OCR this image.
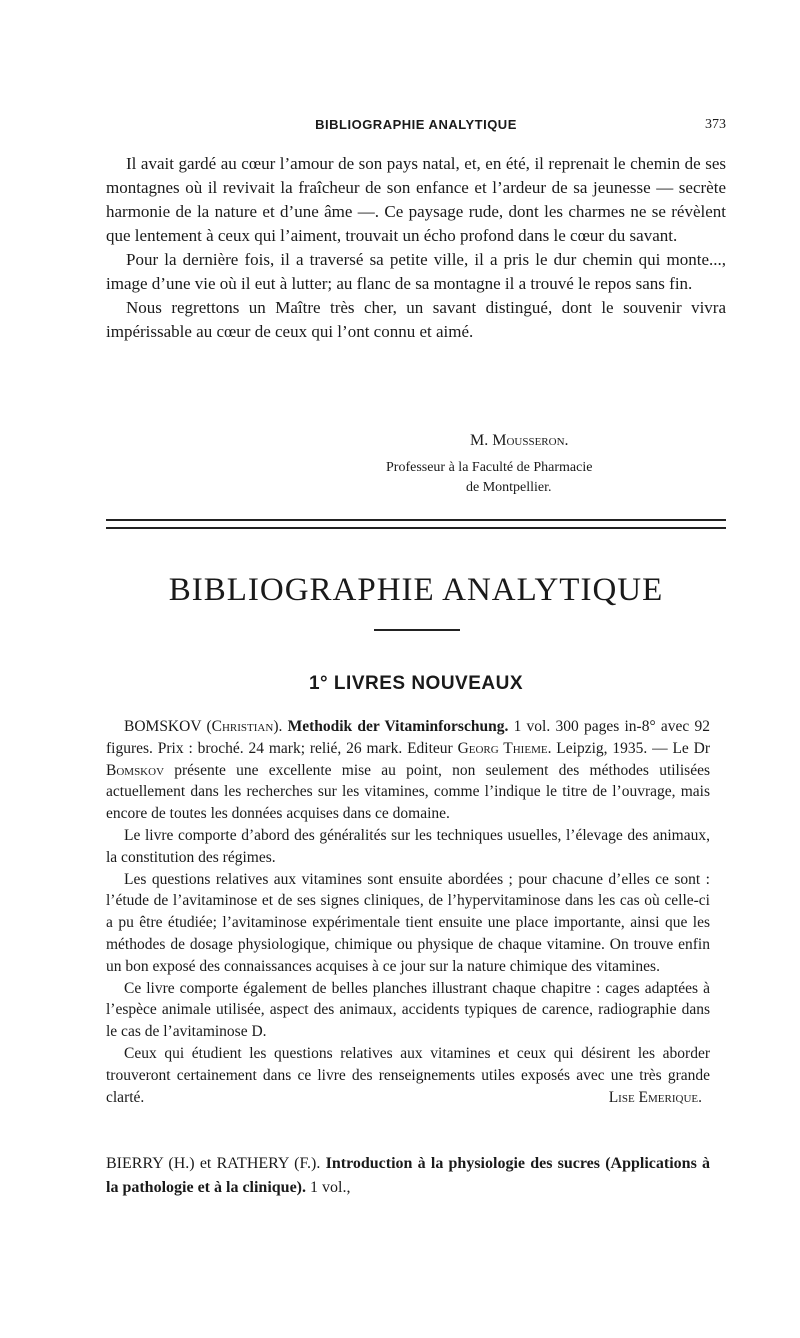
BIBLIOGRAPHIE ANALYTIQUE	373

Il avait gardé au cœur l’amour de son pays natal, et, en été, il reprenait le chemin de ses montagnes où il revivait la fraîcheur de son enfance et l’ardeur de sa jeunesse — secrète harmonie de la nature et d’une âme —. Ce paysage rude, dont les charmes ne se révèlent que lentement à ceux qui l’aiment, trouvait un écho profond dans le cœur du savant.

Pour la dernière fois, il a traversé sa petite ville, il a pris le dur chemin qui monte..., image d’une vie où il eut à lutter; au flanc de sa montagne il a trouvé le repos sans fin.

Nous regrettons un Maître très cher, un savant distingué, dont le souvenir vivra impérissable au cœur de ceux qui l’ont connu et aimé.

M. Mousseron.
Professeur à la Faculté de Pharmacie
de Montpellier.
BIBLIOGRAPHIE ANALYTIQUE
1° LIVRES NOUVEAUX

BOMSKOV (Christian). Methodik der Vitaminforschung. 1 vol. 300 pages in-8° avec 92 figures. Prix : broché. 24 mark; relié, 26 mark. Editeur Georg Thieme. Leipzig, 1935. — Le Dr Bomskov présente une excellente mise au point, non seulement des méthodes utilisées actuellement dans les recherches sur les vitamines, comme l’indique le titre de l’ouvrage, mais encore de toutes les données acquises dans ce domaine.

Le livre comporte d’abord des généralités sur les techniques usuelles, l’élevage des animaux, la constitution des régimes.

Les questions relatives aux vitamines sont ensuite abordées ; pour chacune d’elles ce sont : l’étude de l’avitaminose et de ses signes cliniques, de l’hypervitaminose dans les cas où celle-ci a pu être étudiée; l’avitaminose expérimentale tient ensuite une place importante, ainsi que les méthodes de dosage physiologique, chimique ou physique de chaque vitamine. On trouve enfin un bon exposé des connaissances acquises à ce jour sur la nature chimique des vitamines.

Ce livre comporte également de belles planches illustrant chaque chapitre : cages adaptées à l’espèce animale utilisée, aspect des animaux, accidents typiques de carence, radiographie dans le cas de l’avitaminose D.

Ceux qui étudient les questions relatives aux vitamines et ceux qui désirent les aborder trouveront certainement dans ce livre des renseignements utiles exposés avec une très grande clarté.	Lise Emerique.

BIERRY (H.) et RATHERY (F.). Introduction à la physiologie des sucres (Applications à la pathologie et à la clinique). 1 vol.,
